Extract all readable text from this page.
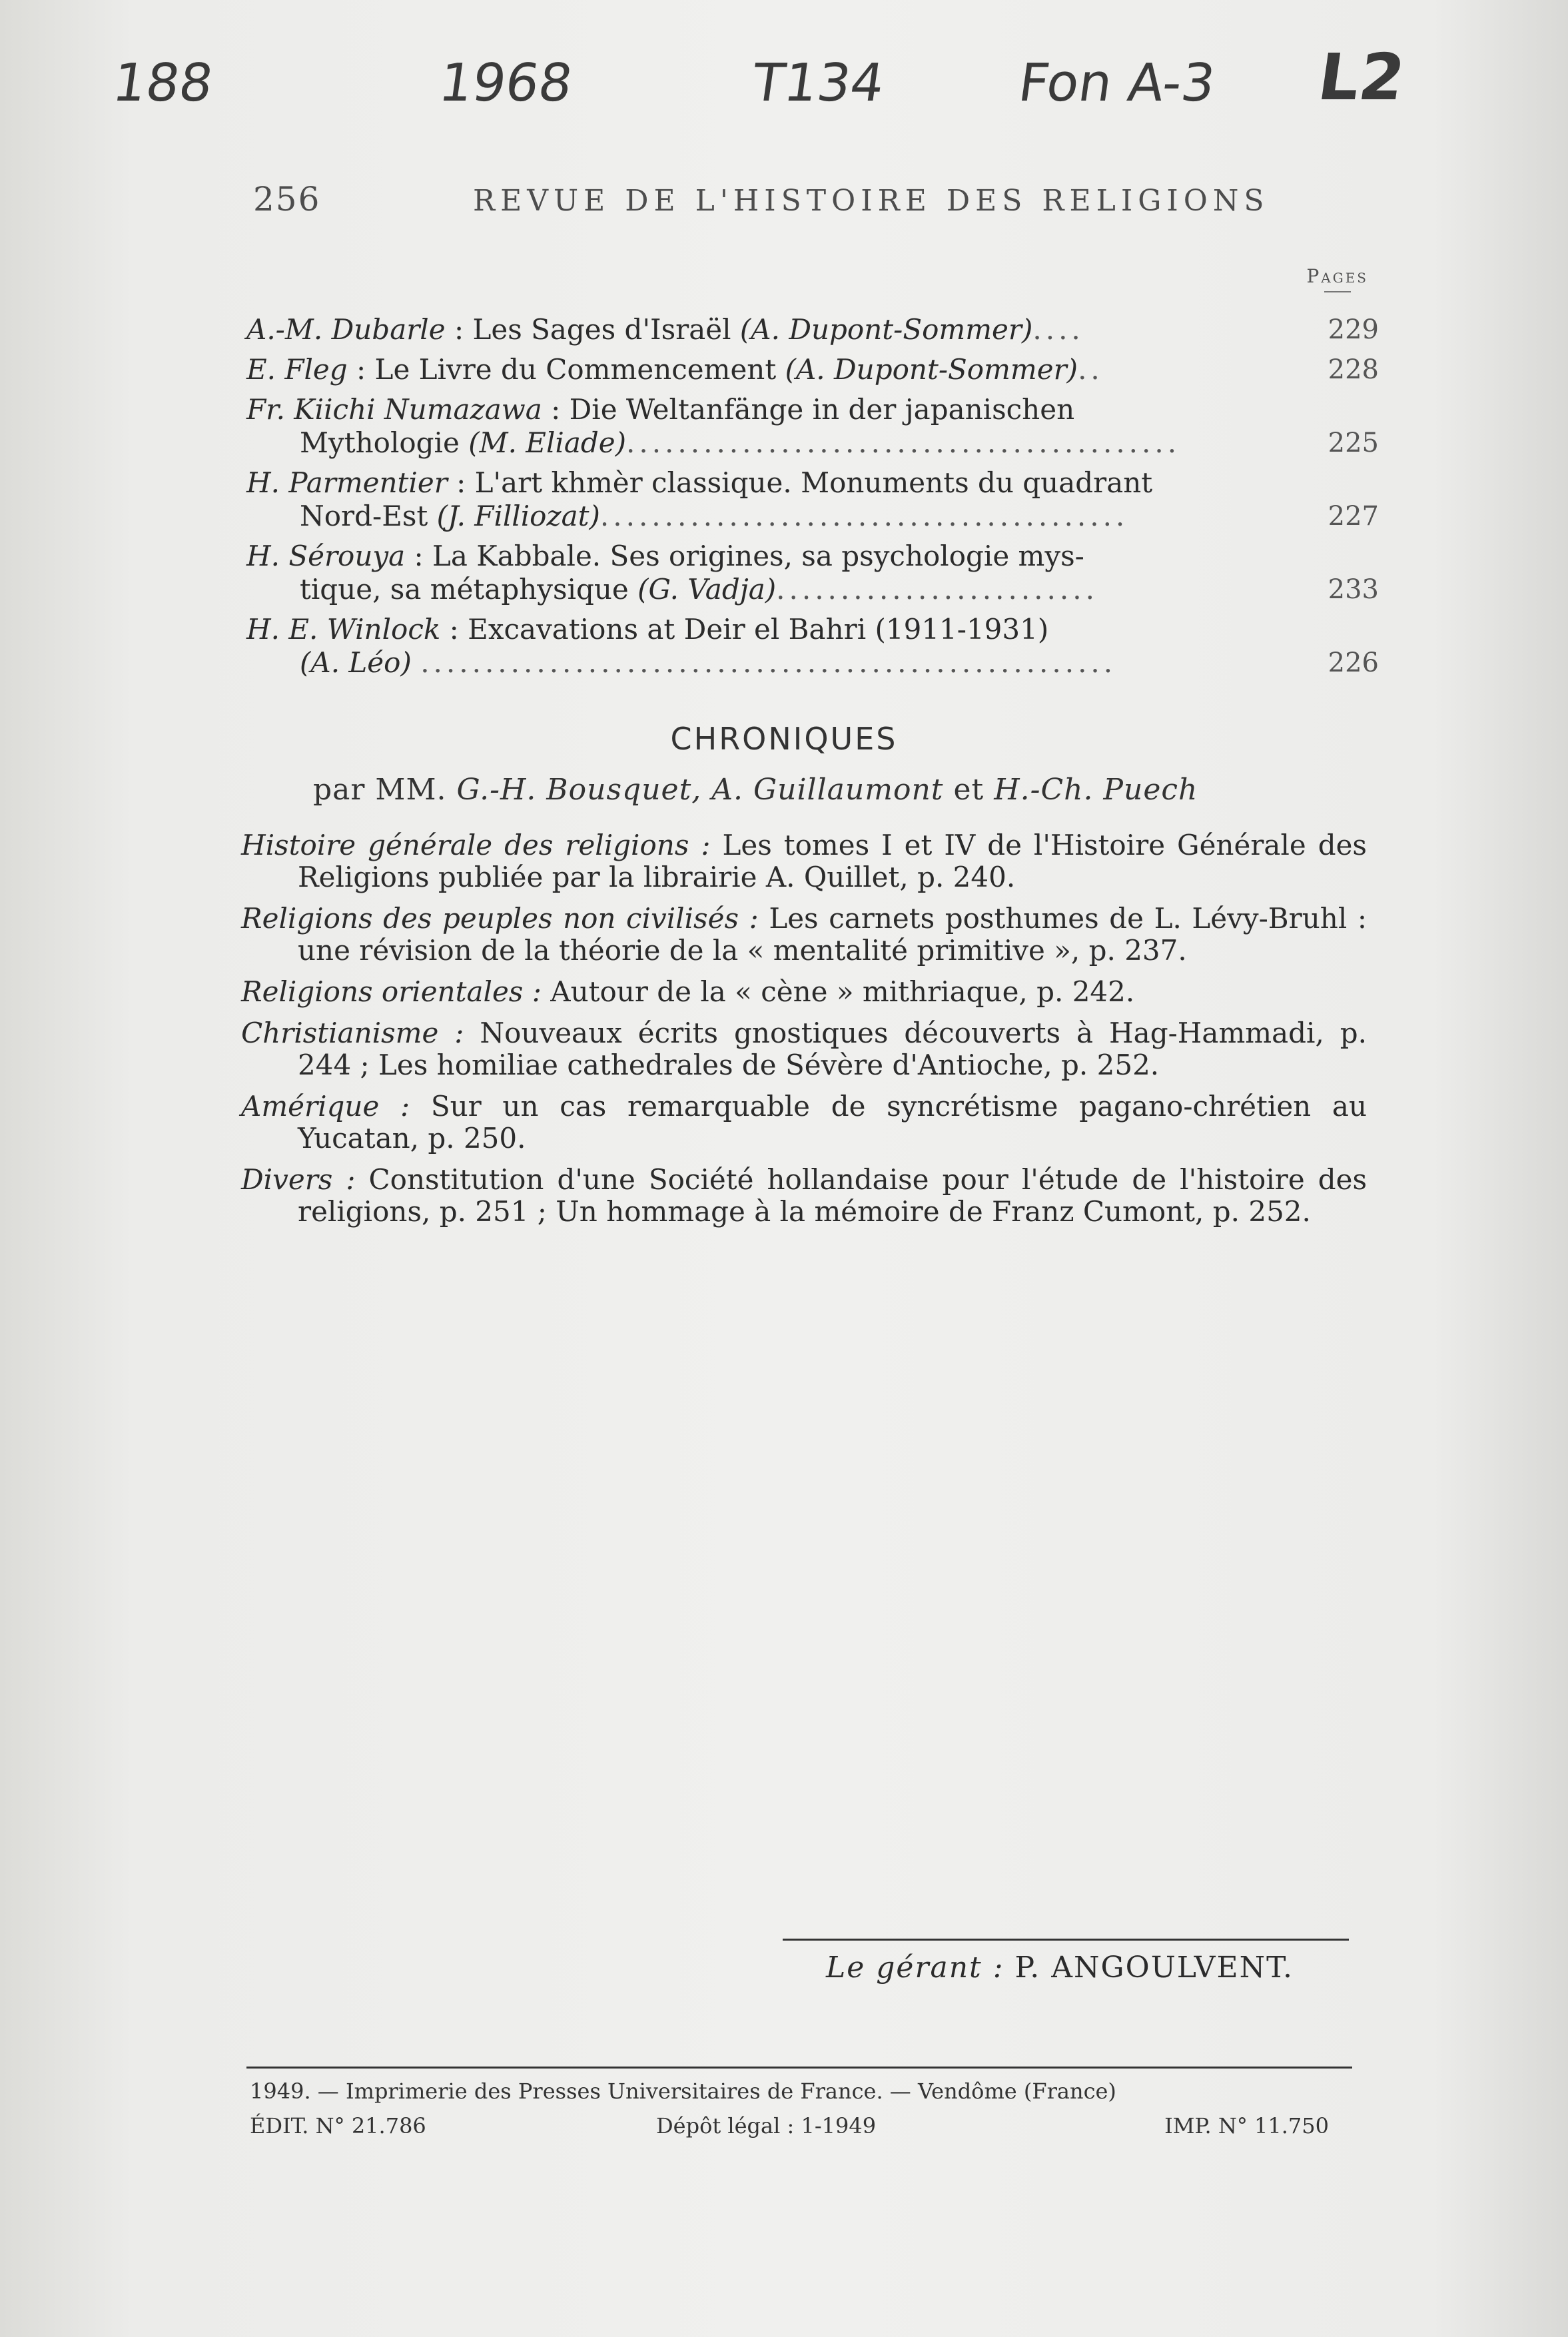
188	1968	T134 Fon A-3 L2
256	REVUE DE L'HISTOIRE DES RELIGIONS
Pages
A.-M. Dubarle : Les Sages d'Israël (A. Dupont-Sommer)....	229
E. Fleg : Le Livre du Commencement (A. Dupont-Sommer)..	228
Fr. Kiichi Numazawa : Die Weltanfänge in der japanischen
Mythologie (M. Eliade)...........................................	225
H. Parmentier : L'art khmèr classique. Monuments du quadrant
Nord-Est (J. Filliozat).........................................	227
H. Sérouya : La Kabbale. Ses origines, sa psychologie mys-
tique, sa métaphysique (G. Vadja).........................	233
H. E. Winlock : Excavations at Deir el Bahri (1911-1931)
(A. Léo) ......................................................	226
CHRONIQUES
par MM. G.-H. Bousquet, A. Guillaumont et H.-Ch. Puech
Histoire générale des religions : Les tomes I et IV de l'Histoire Générale des Religions publiée par la librairie A. Quillet, p. 240.
Religions des peuples non civilisés : Les carnets posthumes de L. Lévy-Bruhl : une révision de la théorie de la « mentalité primitive », p. 237.
Religions orientales : Autour de la « cène » mithriaque, p. 242.
Christianisme : Nouveaux écrits gnostiques découverts à Hag-Hammadi, p. 244 ; Les homiliae cathedrales de Sévère d'Antioche, p. 252.
Amérique : Sur un cas remarquable de syncrétisme pagano-chrétien au Yucatan, p. 250.
Divers : Constitution d'une Société hollandaise pour l'étude de l'histoire des religions, p. 251 ; Un hommage à la mémoire de Franz Cumont, p. 252.
Le gérant : P. ANGOULVENT.
1949. — Imprimerie des Presses Universitaires de France. — Vendôme (France)
ÉDIT. N° 21.786	Dépôt légal : 1-1949	IMP. N° 11.750
